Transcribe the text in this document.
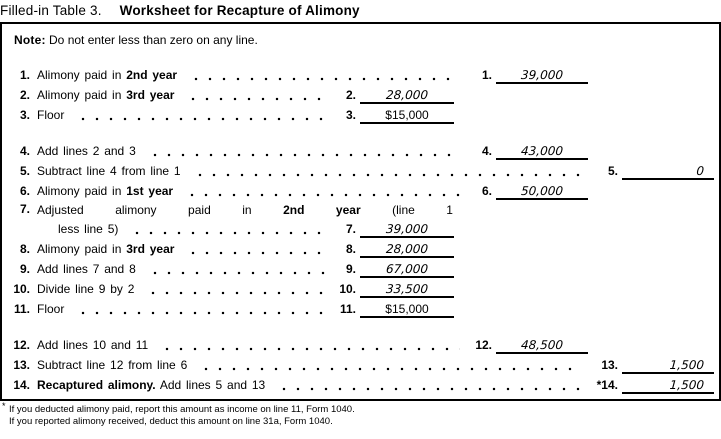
Filled-in Table 3. Worksheet for Recapture of Alimony
Note: Do not enter less than zero on any line.
1. Alimony paid in 2nd year	1.	39,000
2. Alimony paid in 3rd year	2.	28,000
3. Floor	3.	$15,000
4. Add lines 2 and 3	4.	43,000
5. Subtract line 4 from line 1	5.	0
6. Alimony paid in 1st year	6.	50,000
7. Adjusted alimony paid in 2nd year (line 1
less line 5)	7.	39,000
8. Alimony paid in 3rd year	8.	28,000
9. Add lines 7 and 8	9.	67,000
10. Divide line 9 by 2	10.	33,500
11. Floor	11.	$15,000
12. Add lines 10 and 11	12.	48,500
13. Subtract line 12 from line 6	13.	1,500
14. Recaptured alimony. Add lines 5 and 13	*14.	1,500
* If you deducted alimony paid, report this amount as income on line 11, Form 1040.
If you reported alimony received, deduct this amount on line 31a, Form 1040.
